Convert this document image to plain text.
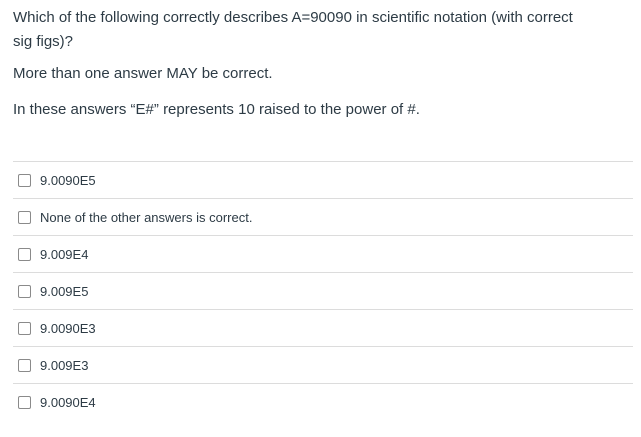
Which of the following correctly describes A=90090 in scientific notation (with correct

sig figs)?

More than one answer MAY be correct.

In these answers “E#” represents 10 raised to the power of #.

9.0090E5
None of the other answers is correct.
9.009E4
9.009E5
9.0090E3
9.009E3
9.0090E4
